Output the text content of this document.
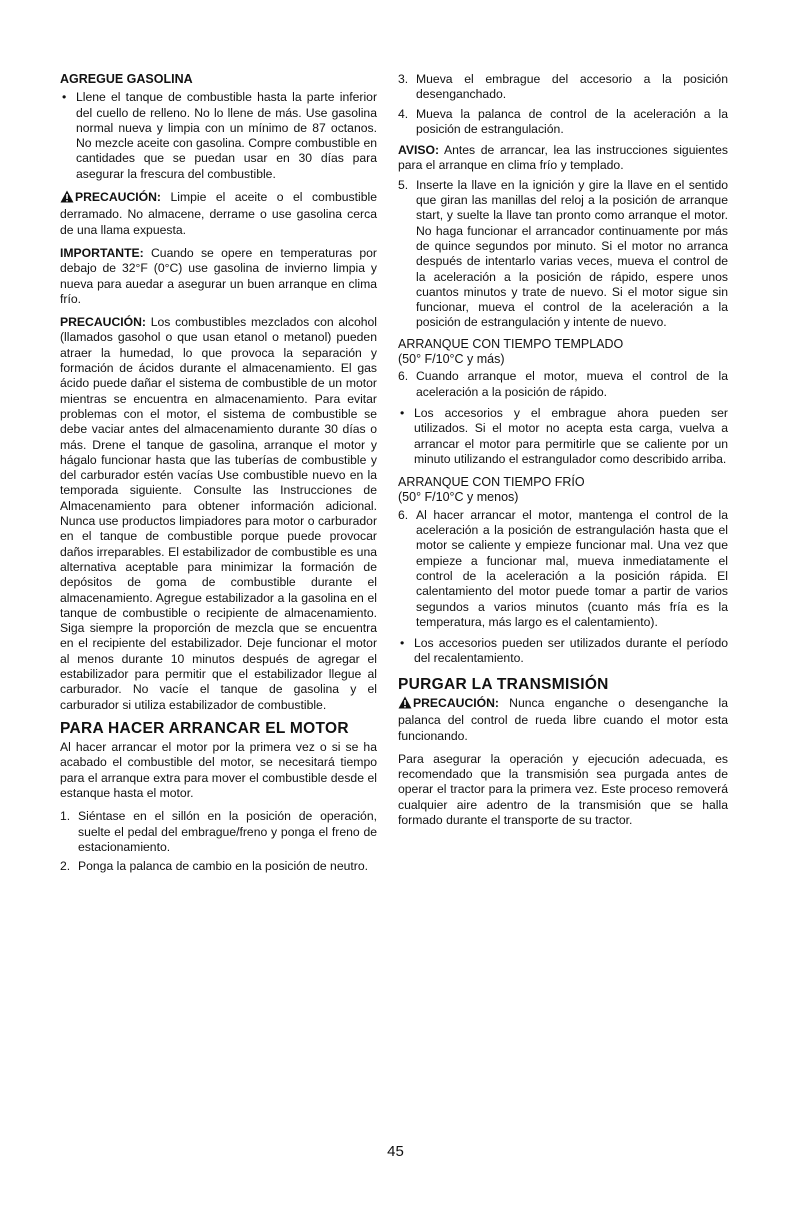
AGREGUE GASOLINA
• Llene el tanque de combustible hasta la parte inferior del cuello de relleno. No lo llene de más. Use gasolina normal nueva y limpia con un mínimo de 87 octanos. No mezcle aceite con gasolina. Compre combustible en cantidades que se puedan usar en 30 días para asegurar la frescura del combustible.

PRECAUCIÓN: Limpie el aceite o el combustible derramado. No almacene, derrame o use gasolina cerca de una llama expuesta.

IMPORTANTE: Cuando se opere en temperaturas por debajo de 32°F (0°C) use gasolina de invierno limpia y nueva para auedar a asegurar un buen arranque en clima frío.

PRECAUCIÓN: Los combustibles mezclados con alcohol (llamados gasohol o que usan etanol o metanol) pueden atraer la humedad, lo que provoca la separación y formación de ácidos durante el almacenamiento. El gas ácido puede dañar el sistema de combustible de un motor mientras se encuentra en almacenamiento. Para evitar problemas con el motor, el sistema de combustible se debe vaciar antes del almacenamiento durante 30 días o más. Drene el tanque de gasolina, arranque el motor y hágalo funcionar hasta que las tuberías de combustible y del carburador estén vacías Use combustible nuevo en la temporada siguiente. Consulte las Instrucciones de Almacenamiento para obtener información adicional. Nunca use productos limpiadores para motor o carburador en el tanque de combustible porque puede provocar daños irreparables. El estabilizador de combustible es una alternativa aceptable para minimizar la formación de depósitos de goma de combustible durante el almacenamiento. Agregue estabilizador a la gasolina en el tanque de combustible o recipiente de almacenamiento. Siga siempre la proporción de mezcla que se encuentra en el recipiente del estabilizador. Deje funcionar el motor al menos durante 10 minutos después de agregar el estabilizador para permitir que el estabilizador llegue al carburador. No vacíe el tanque de gasolina y el carburador si utiliza estabilizador de combustible.

PARA HACER ARRANCAR EL MOTOR

Al hacer arrancar el motor por la primera vez o si se ha acabado el combustible del motor, se necesitará tiempo para el arranque extra para mover el combustible desde el estanque hasta el motor.

1. Siéntase en el sillón en la posición de operación, suelte el pedal del embrague/freno y ponga el freno de estacionamiento.
2. Ponga la palanca de cambio en la posición de neutro.
3. Mueva el embrague del accesorio a la posición desenganchado.
4. Mueva la palanca de control de la aceleración a la posición de estrangulación.

AVISO: Antes de arrancar, lea las instrucciones siguientes para el arranque en clima frío y templado.

5. Inserte la llave en la ignición y gire la llave en el sentido que giran las manillas del reloj a la posición de arranque start, y suelte la llave tan pronto como arranque el motor. No haga funcionar el arrancador continuamente por más de quince segundos por minuto. Si el motor no arranca después de intentarlo varias veces, mueva el control de la aceleración a la posición de rápido, espere unos cuantos minutos y trate de nuevo. Si el motor sigue sin funcionar, mueva el control de la aceleración a la posición de estrangulación y intente de nuevo.
ARRANQUE CON TIEMPO TEMPLADO
(50° F/10°C y más)
6. Cuando arranque el motor, mueva el control de la aceleración a la posición de rápido.
• Los accesorios y el embrague ahora pueden ser utilizados. Si el motor no acepta esta carga, vuelva a arrancar el motor para permitirle que se caliente por un minuto utilizando el estrangulador como describido arriba.
ARRANQUE CON TIEMPO FRÍO
(50° F/10°C y menos)
6. Al hacer arrancar el motor, mantenga el control de la aceleración a la posición de estrangulación hasta que el motor se caliente y empieze funcionar mal. Una vez que empieze a funcionar mal, mueva inmediatamente el control de la aceleración a la posición rápida. El calentamiento del motor puede tomar a partir de varios segundos a varios minutos (cuanto más fría es la temperatura, más largo es el calentamiento).
• Los accesorios pueden ser utilizados durante el período del recalentamiento.
PURGAR LA TRANSMISIÓN

PRECAUCIÓN: Nunca enganche o desenganche la palanca del control de rueda libre cuando el motor esta funcionando.

Para asegurar la operación y ejecución adecuada, es recomendado que la transmisión sea purgada antes de operar el tractor para la primera vez. Este proceso removerá cualquier aire adentro de la transmisión que se halla formado durante el transporte de su tractor.

45
